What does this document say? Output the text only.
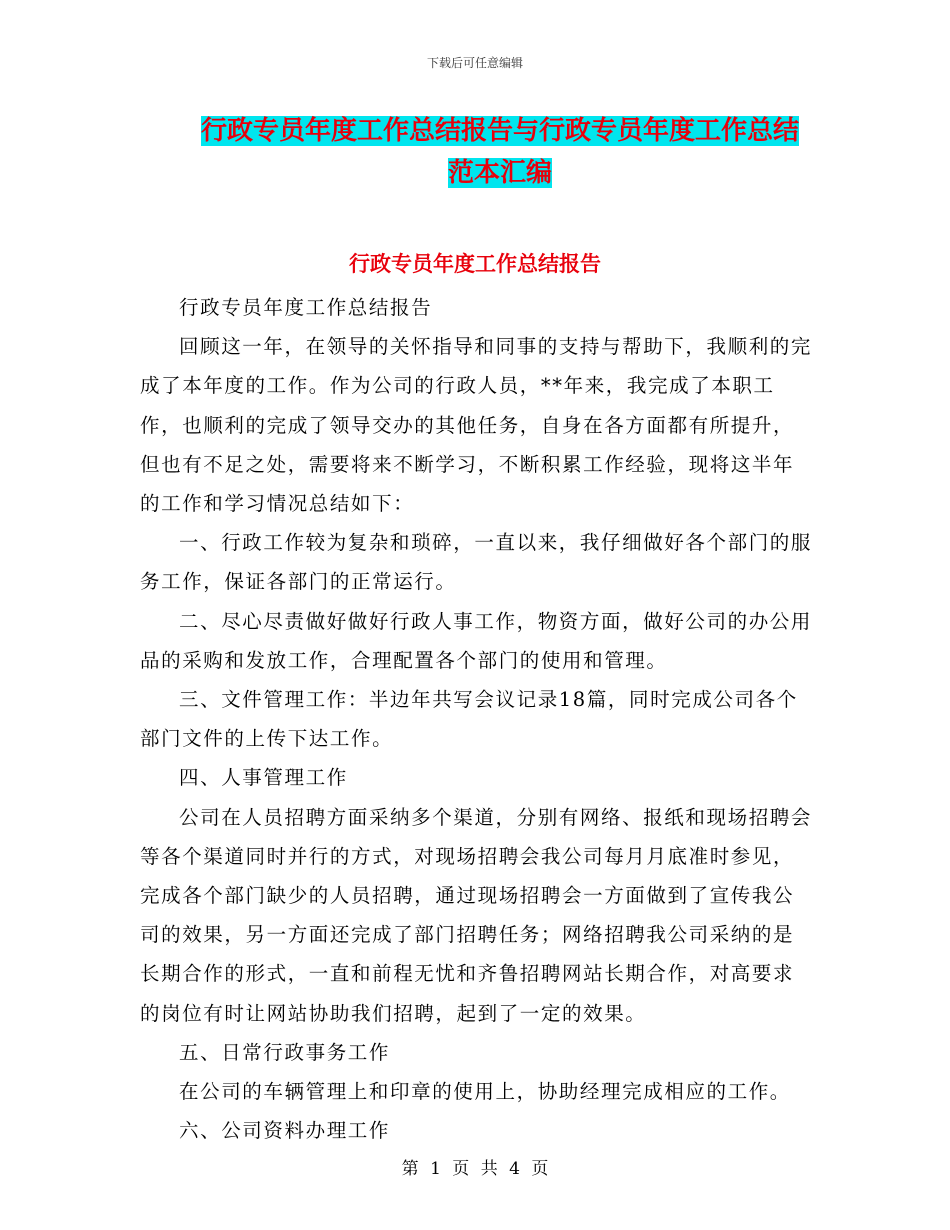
下载后可任意编辑
行政专员年度工作总结报告与行政专员年度工作总结
范本汇编
行政专员年度工作总结报告

行政专员年度工作总结报告

回顾这一年，在领导的关怀指导和同事的支持与帮助下，我顺利的完成了本年度的工作。作为公司的行政人员，**年来，我完成了本职工作，也顺利的完成了领导交办的其他任务，自身在各方面都有所提升，但也有不足之处，需要将来不断学习，不断积累工作经验，现将这半年的工作和学习情况总结如下：

一、行政工作较为复杂和琐碎，一直以来，我仔细做好各个部门的服务工作，保证各部门的正常运行。

二、尽心尽责做好做好行政人事工作，物资方面，做好公司的办公用品的采购和发放工作，合理配置各个部门的使用和管理。

三、文件管理工作：半边年共写会议记录18篇，同时完成公司各个部门文件的上传下达工作。

四、人事管理工作

公司在人员招聘方面采纳多个渠道，分别有网络、报纸和现场招聘会等各个渠道同时并行的方式，对现场招聘会我公司每月月底准时参见，完成各个部门缺少的人员招聘，通过现场招聘会一方面做到了宣传我公司的效果，另一方面还完成了部门招聘任务；网络招聘我公司采纳的是长期合作的形式，一直和前程无忧和齐鲁招聘网站长期合作，对高要求的岗位有时让网站协助我们招聘，起到了一定的效果。

五、日常行政事务工作

在公司的车辆管理上和印章的使用上，协助经理完成相应的工作。

六、公司资料办理工作

第 1 页 共 4 页
